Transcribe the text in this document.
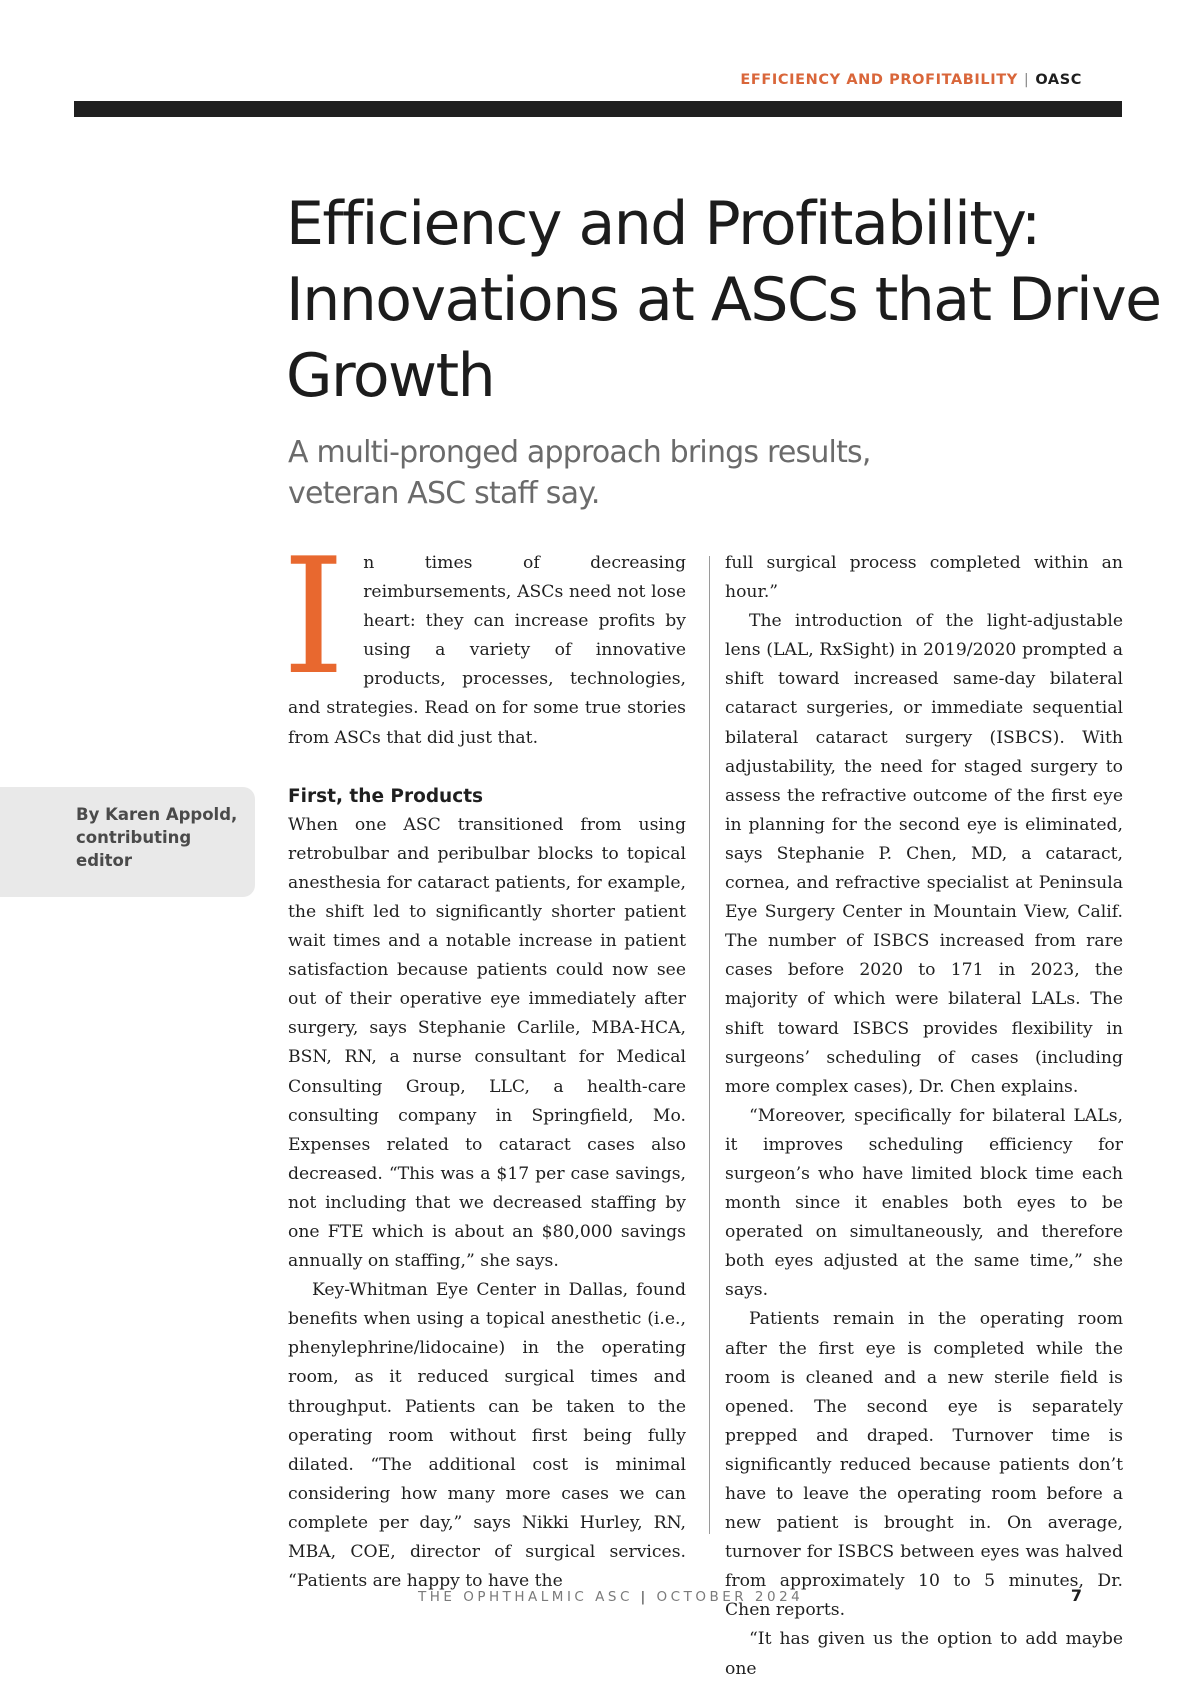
EFFICIENCY AND PROFITABILITY | OASC
Efficiency and Profitability: Innovations at ASCs that Drive Growth
A multi-pronged approach brings results, veteran ASC staff say.
By Karen Appold, contributing editor

I n times of decreasing reimbursements, ASCs need not lose heart: they can increase profits by using a variety of innovative products, processes, technologies, and strategies. Read on for some true stories from ASCs that did just that.

First, the Products

When one ASC transitioned from using retrobulbar and peribulbar blocks to topical anesthesia for cataract patients, for example, the shift led to significantly shorter patient wait times and a notable increase in patient satisfaction because patients could now see out of their operative eye immediately after surgery, says Stephanie Carlile, MBA-HCA, BSN, RN, a nurse consultant for Medical Consulting Group, LLC, a health-care consulting company in Springfield, Mo. Expenses related to cataract cases also decreased. “This was a $17 per case savings, not including that we decreased staffing by one FTE which is about an $80,000 savings annually on staffing,” she says.

Key-Whitman Eye Center in Dallas, found benefits when using a topical anesthetic (i.e., phenylephrine/lidocaine) in the operating room, as it reduced surgical times and throughput. Patients can be taken to the operating room without first being fully dilated. “The additional cost is minimal considering how many more cases we can complete per day,” says Nikki Hurley, RN, MBA, COE, director of surgical services. “Patients are happy to have the

full surgical process completed within an hour.”

The introduction of the light-adjustable lens (LAL, RxSight) in 2019/2020 prompted a shift toward increased same-day bilateral cataract surgeries, or immediate sequential bilateral cataract surgery (ISBCS). With adjustability, the need for staged surgery to assess the refractive outcome of the first eye in planning for the second eye is eliminated, says Stephanie P. Chen, MD, a cataract, cornea, and refractive specialist at Peninsula Eye Surgery Center in Mountain View, Calif. The number of ISBCS increased from rare cases before 2020 to 171 in 2023, the majority of which were bilateral LALs. The shift toward ISBCS provides flexibility in surgeons’ scheduling of cases (including more complex cases), Dr. Chen explains.

“Moreover, specifically for bilateral LALs, it improves scheduling efficiency for surgeon’s who have limited block time each month since it enables both eyes to be operated on simultaneously, and therefore both eyes adjusted at the same time,” she says.

Patients remain in the operating room after the first eye is completed while the room is cleaned and a new sterile field is opened. The second eye is separately prepped and draped. Turnover time is significantly reduced because patients don’t have to leave the operating room before a new patient is brought in. On average, turnover for ISBCS between eyes was halved from approximately 10 to 5 minutes, Dr. Chen reports.

“It has given us the option to add maybe one

THE OPHTHALMIC ASC | OCTOBER 2024	7
